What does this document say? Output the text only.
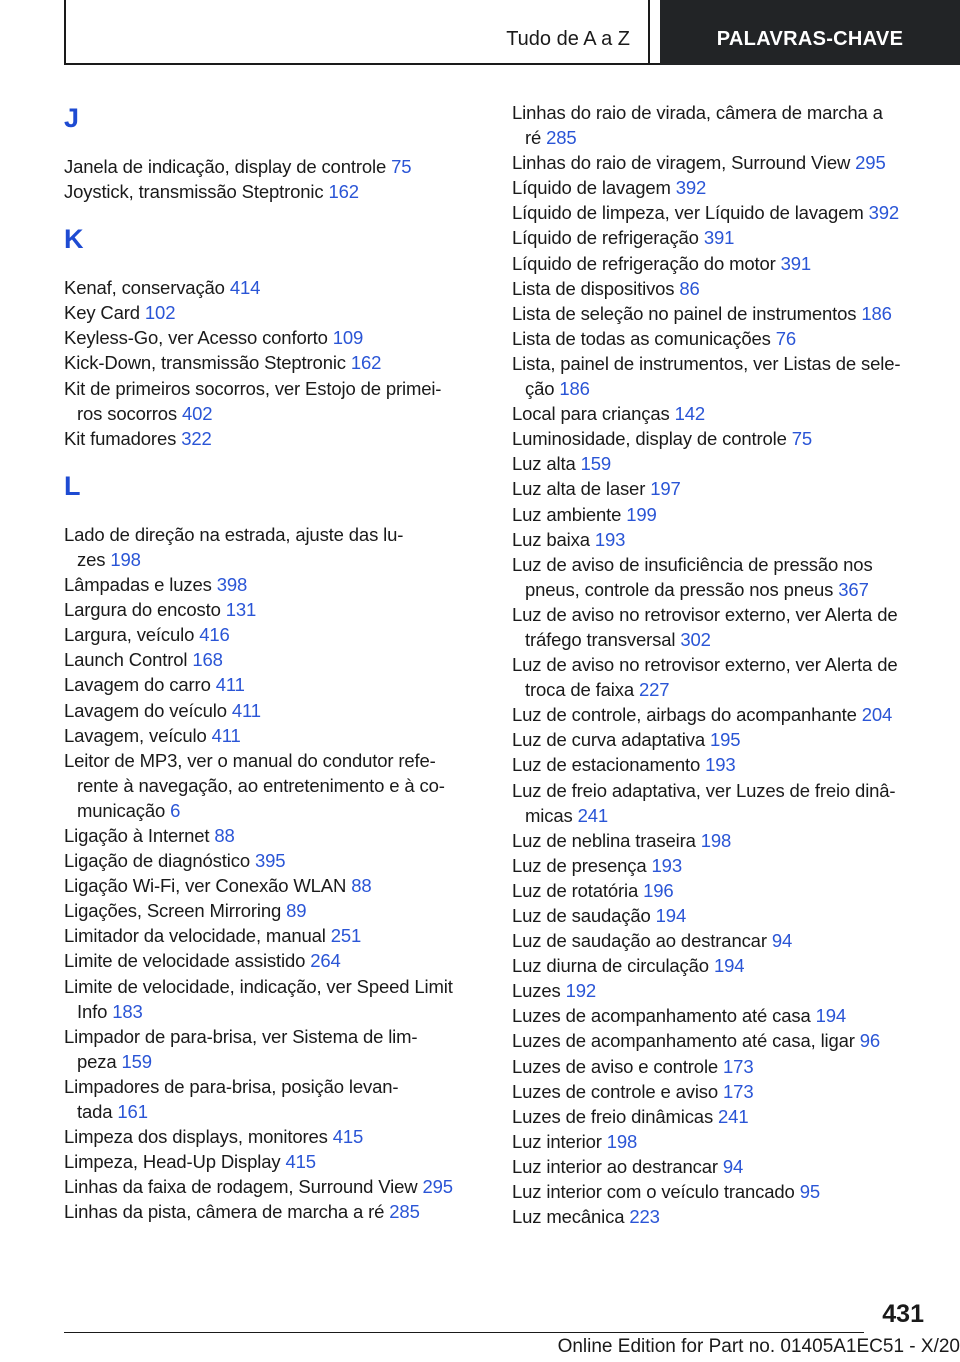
Tudo de A a Z	PALAVRAS-CHAVE
J
Janela de indicação, display de controle 75
Joystick, transmissão Steptronic 162
K
Kenaf, conservação 414
Key Card 102
Keyless-Go, ver Acesso conforto 109
Kick-Down, transmissão Steptronic 162
Kit de primeiros socorros, ver Estojo de primei-
ros socorros 402
Kit fumadores 322
L
Lado de direção na estrada, ajuste das lu-
zes 198
Lâmpadas e luzes 398
Largura do encosto 131
Largura, veículo 416
Launch Control 168
Lavagem do carro 411
Lavagem do veículo 411
Lavagem, veículo 411
Leitor de MP3, ver o manual do condutor refe-
rente à navegação, ao entretenimento e à co-
municação 6
Ligação à Internet 88
Ligação de diagnóstico 395
Ligação Wi-Fi, ver Conexão WLAN 88
Ligações, Screen Mirroring 89
Limitador da velocidade, manual 251
Limite de velocidade assistido 264
Limite de velocidade, indicação, ver Speed Limit
Info 183
Limpador de para-brisa, ver Sistema de lim-
peza 159
Limpadores de para-brisa, posição levan-
tada 161
Limpeza dos displays, monitores 415
Limpeza, Head-Up Display 415
Linhas da faixa de rodagem, Surround View 295
Linhas da pista, câmera de marcha a ré 285
Linhas do raio de virada, câmera de marcha a
ré 285
Linhas do raio de viragem, Surround View 295
Líquido de lavagem 392
Líquido de limpeza, ver Líquido de lavagem 392
Líquido de refrigeração 391
Líquido de refrigeração do motor 391
Lista de dispositivos 86
Lista de seleção no painel de instrumentos 186
Lista de todas as comunicações 76
Lista, painel de instrumentos, ver Listas de sele-
ção 186
Local para crianças 142
Luminosidade, display de controle 75
Luz alta 159
Luz alta de laser 197
Luz ambiente 199
Luz baixa 193
Luz de aviso de insuficiência de pressão nos
pneus, controle da pressão nos pneus 367
Luz de aviso no retrovisor externo, ver Alerta de
tráfego transversal 302
Luz de aviso no retrovisor externo, ver Alerta de
troca de faixa 227
Luz de controle, airbags do acompanhante 204
Luz de curva adaptativa 195
Luz de estacionamento 193
Luz de freio adaptativa, ver Luzes de freio dinâ-
micas 241
Luz de neblina traseira 198
Luz de presença 193
Luz de rotatória 196
Luz de saudação 194
Luz de saudação ao destrancar 94
Luz diurna de circulação 194
Luzes 192
Luzes de acompanhamento até casa 194
Luzes de acompanhamento até casa, ligar 96
Luzes de aviso e controle 173
Luzes de controle e aviso 173
Luzes de freio dinâmicas 241
Luz interior 198
Luz interior ao destrancar 94
Luz interior com o veículo trancado 95
Luz mecânica 223
431
Online Edition for Part no. 01405A1EC51 - X/20
